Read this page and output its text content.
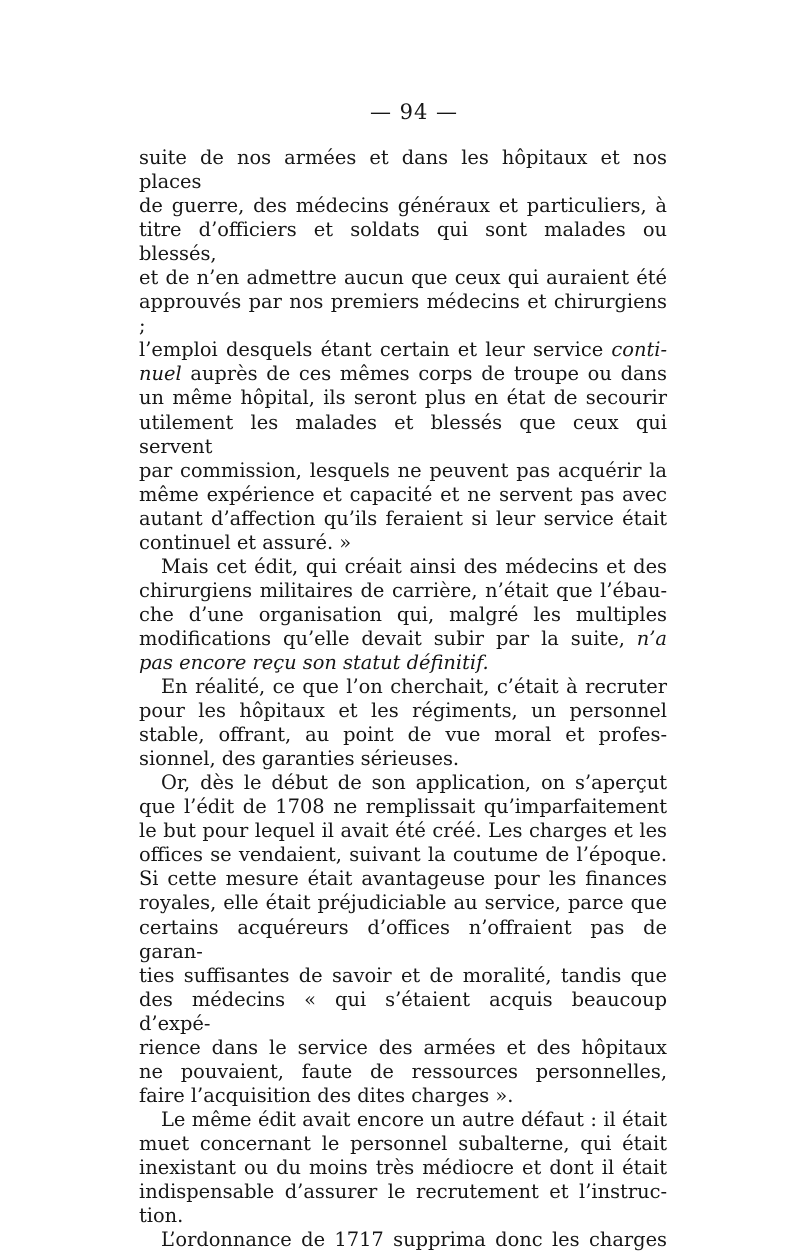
— 94 —

suite de nos armées et dans les hôpitaux et nos places

de guerre, des médecins généraux et particuliers, à

titre d’officiers et soldats qui sont malades ou blessés,

et de n’en admettre aucun que ceux qui auraient été

approuvés par nos premiers médecins et chirurgiens ;

l’emploi desquels étant certain et leur service conti-

nuel auprès de ces mêmes corps de troupe ou dans

un même hôpital, ils seront plus en état de secourir

utilement les malades et blessés que ceux qui servent

par commission, lesquels ne peuvent pas acquérir la

même expérience et capacité et ne servent pas avec

autant d’affection qu’ils feraient si leur service était

continuel et assuré. »

Mais cet édit, qui créait ainsi des médecins et des

chirurgiens militaires de carrière, n’était que l’ébau-

che d’une organisation qui, malgré les multiples

modifications qu’elle devait subir par la suite, n’a

pas encore reçu son statut définitif.

En réalité, ce que l’on cherchait, c’était à recruter

pour les hôpitaux et les régiments, un personnel

stable, offrant, au point de vue moral et profes-

sionnel, des garanties sérieuses.

Or, dès le début de son application, on s’aperçut

que l’édit de 1708 ne remplissait qu’imparfaitement

le but pour lequel il avait été créé. Les charges et les

offices se vendaient, suivant la coutume de l’époque.

Si cette mesure était avantageuse pour les finances

royales, elle était préjudiciable au service, parce que

certains acquéreurs d’offices n’offraient pas de garan-

ties suffisantes de savoir et de moralité, tandis que

des médecins « qui s’étaient acquis beaucoup d’expé-

rience dans le service des armées et des hôpitaux

ne pouvaient, faute de ressources personnelles,

faire l’acquisition des dites charges ».

Le même édit avait encore un autre défaut : il était

muet concernant le personnel subalterne, qui était

inexistant ou du moins très médiocre et dont il était

indispensable d’assurer le recrutement et l’instruc-

tion.

L’ordonnance de 1717 supprima donc les charges
